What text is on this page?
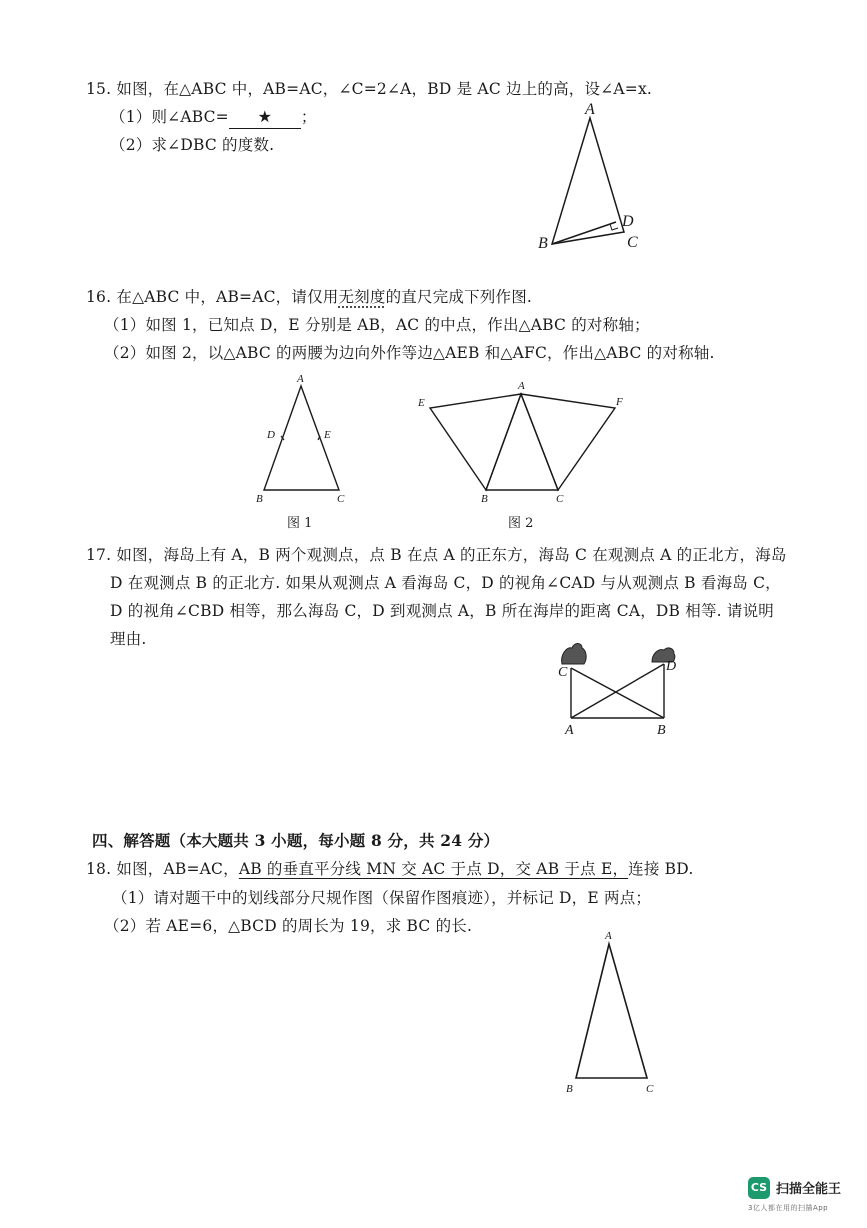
15. 如图，在△ABC 中，AB=AC，∠C=2∠A，BD 是 AC 边上的高，设∠A=x.
（1）则∠ABC= ★ ；
（2）求∠DBC 的度数.
A
B	C
D
16. 在△ABC 中，AB=AC，请仅用无刻度的直尺完成下列作图.
（1）如图 1，已知点 D，E 分别是 AB，AC 的中点，作出△ABC 的对称轴；
（2）如图 2，以△ABC 的两腰为边向外作等边△AEB 和△AFC，作出△ABC 的对称轴.
A
D	E
B	C
图 1
A
E	F
B	C
图 2
17. 如图，海岛上有 A，B 两个观测点，点 B 在点 A 的正东方，海岛 C 在观测点 A 的正北方，海岛
D 在观测点 B 的正北方. 如果从观测点 A 看海岛 C，D 的视角∠CAD 与从观测点 B 看海岛 C，
D 的视角∠CBD 相等，那么海岛 C，D 到观测点 A，B 所在海岸的距离 CA，DB 相等. 请说明
理由.
C	D
A	B
四、解答题（本大题共 3 小题，每小题 8 分，共 24 分）
18. 如图，AB=AC，AB 的垂直平分线 MN 交 AC 于点 D，交 AB 于点 E，连接 BD.
（1）请对题干中的划线部分尺规作图（保留作图痕迹），并标记 D，E 两点；
（2）若 AE=6，△BCD 的周长为 19，求 BC 的长.
A
B	C
CS 扫描全能王
3亿人都在用的扫描App
